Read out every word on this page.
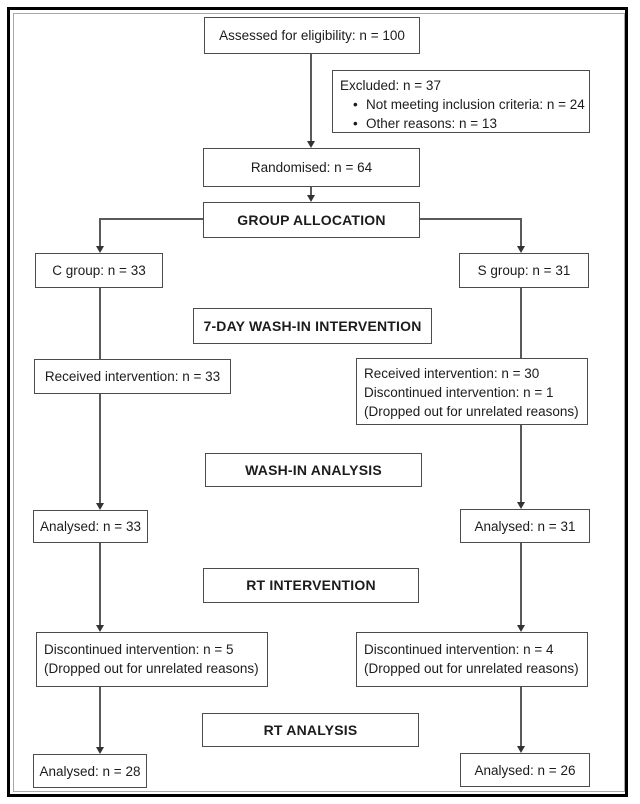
Assessed for eligibility: n = 100
Excluded: n = 37
• Not meeting inclusion criteria: n = 24
• Other reasons: n = 13
Randomised: n = 64
GROUP ALLOCATION
C group: n = 33	S group: n = 31
7-DAY WASH-IN INTERVENTION
Received intervention: n = 33	Received intervention: n = 30
Discontinued intervention: n = 1
(Dropped out for unrelated reasons)
WASH-IN ANALYSIS
Analysed: n = 33	Analysed: n = 31
RT INTERVENTION
Discontinued intervention: n = 5
(Dropped out for unrelated reasons)
Discontinued intervention: n = 4
(Dropped out for unrelated reasons)
RT ANALYSIS
Analysed: n = 28	Analysed: n = 26
